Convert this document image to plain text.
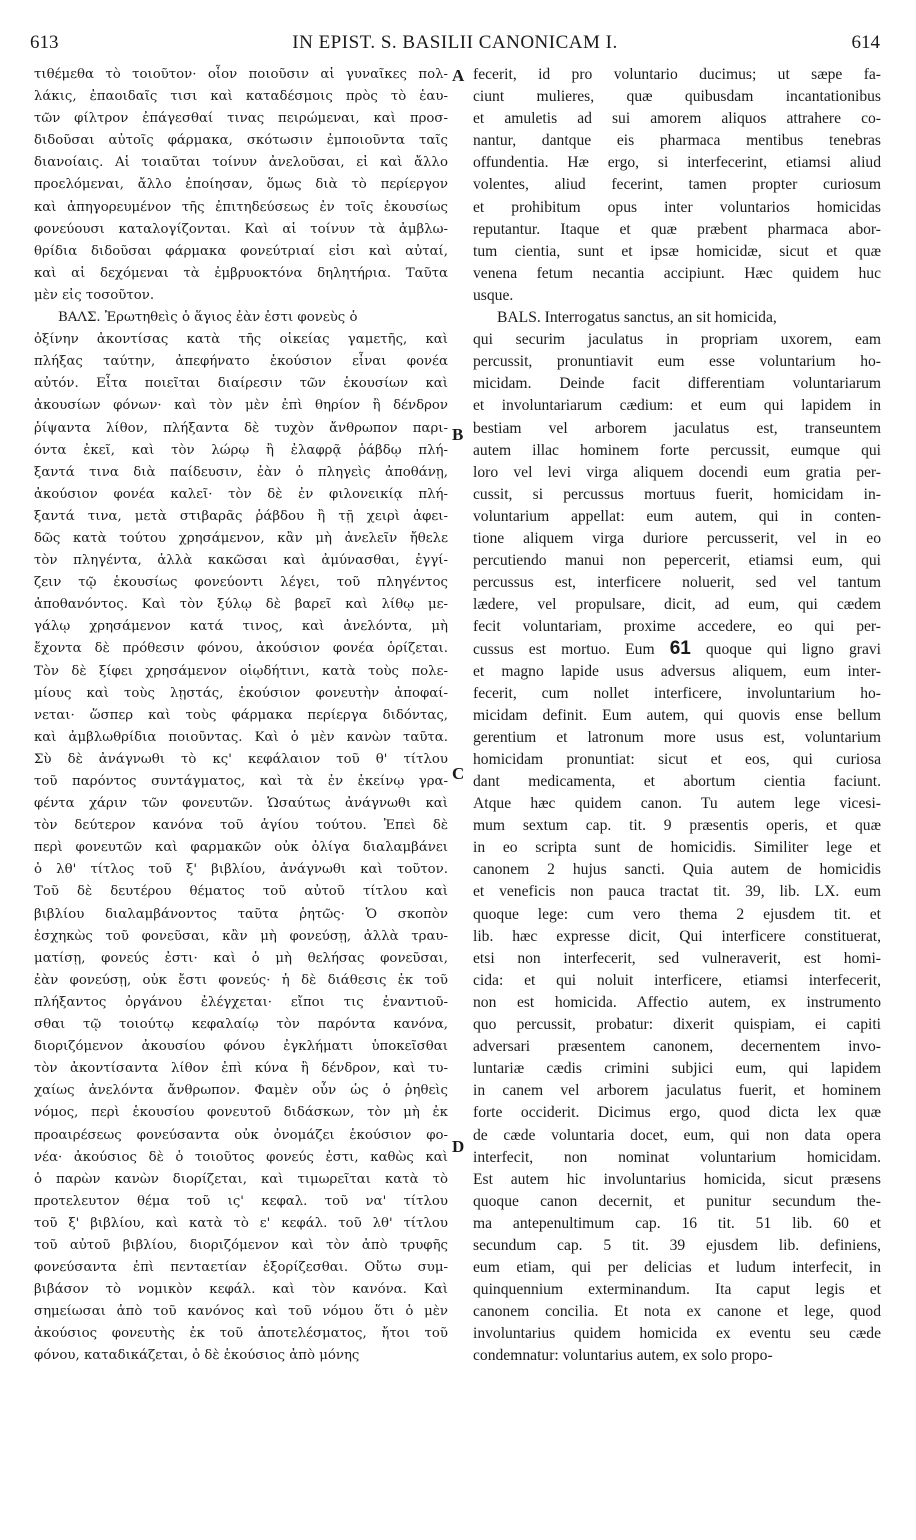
613	IN EPIST. S. BASILII CANONICAM I.	614
τιθέμεθα τὸ τοιοῦτον· οἷον ποιοῦσιν αἱ γυναῖκες πολ-
λάκις, ἐπαοιδαῖς τισι καὶ καταδέσμοις πρὸς τὸ ἑαυ-
τῶν φίλτρον ἐπάγεσθαί τινας πειρώμεναι, καὶ προσ-
διδοῦσαι αὐτοῖς φάρμακα, σκότωσιν ἐμποιοῦντα ταῖς
διανοίαις. Αἱ τοιαῦται τοίνυν ἀνελοῦσαι, εἰ καὶ ἄλλο
προελόμεναι, ἄλλο ἐποίησαν, ὅμως διὰ τὸ περίεργον
καὶ ἀπηγορευμένον τῆς ἐπιτηδεύσεως ἐν τοῖς ἑκουσίως
φονεύουσι καταλογίζονται. Καὶ αἱ τοίνυν τὰ ἀμβλω-
θρίδια διδοῦσαι φάρμακα φονεύτριαί εἰσι καὶ αὐταί,
καὶ αἱ δεχόμεναι τὰ ἐμβρυοκτόνα δηλητήρια. Ταῦτα
μὲν εἰς τοσοῦτον.
ΒΑΛΣ. Ἐρωτηθεὶς ὁ ἅγιος ἐὰν ἐστι φονεὺς ὁ
ὀξίνην ἀκοντίσας κατὰ τῆς οἰκείας γαμετῆς, καὶ
πλήξας ταύτην, ἀπεφήνατο ἑκούσιον εἶναι φονέα
αὐτόν. Εἶτα ποιεῖται διαίρεσιν τῶν ἑκουσίων καὶ
ἀκουσίων φόνων· καὶ τὸν μὲν ἐπὶ θηρίον ἢ δένδρον
ῥίψαντα λίθον, πλήξαντα δὲ τυχὸν ἄνθρωπον παρι-
όντα ἐκεῖ, καὶ τὸν λώρῳ ἢ ἐλαφρᾷ ῥάβδῳ πλή-
ξαντά τινα διὰ παίδευσιν, ἐὰν ὁ πληγεὶς ἀποθάνῃ,
ἀκούσιον φονέα καλεῖ· τὸν δὲ ἐν φιλονεικίᾳ πλή-
ξαντά τινα, μετὰ στιβαρᾶς ῥάβδου ἢ τῇ χειρὶ ἀφει-
δῶς κατὰ τούτου χρησάμενον, κἂν μὴ ἀνελεῖν ἤθελε
τὸν πληγέντα, ἀλλὰ κακῶσαι καὶ ἀμύνασθαι, ἐγγί-
ζειν τῷ ἑκουσίως φονεύοντι λέγει, τοῦ πληγέντος
ἀποθανόντος. Καὶ τὸν ξύλῳ δὲ βαρεῖ καὶ λίθῳ με-
γάλῳ χρησάμενον κατά τινος, καὶ ἀνελόντα, μὴ
ἔχοντα δὲ πρόθεσιν φόνου, ἀκούσιον φονέα ὁρίζεται.
Τὸν δὲ ξίφει χρησάμενον οἱῳδήτινι, κατὰ τοὺς πολε-
μίους καὶ τοὺς λῃστάς, ἑκούσιον φονευτὴν ἀποφαί-
νεται· ὥσπερ καὶ τοὺς φάρμακα περίεργα διδόντας,
καὶ ἀμβλωθρίδια ποιοῦντας. Καὶ ὁ μὲν κανὼν ταῦτα.
Σὺ δὲ ἀνάγνωθι τὸ κς' κεφάλαιον τοῦ θ' τίτλου
τοῦ παρόντος συντάγματος, καὶ τὰ ἐν ἐκείνῳ γρα-
φέντα χάριν τῶν φονευτῶν. Ὡσαύτως ἀνάγνωθι καὶ
τὸν δεύτερον κανόνα τοῦ ἁγίου τούτου. Ἐπεὶ δὲ
περὶ φονευτῶν καὶ φαρμακῶν οὐκ ὀλίγα διαλαμβάνει
ὁ λθ' τίτλος τοῦ ξ' βιβλίου, ἀνάγνωθι καὶ τοῦτον.
Τοῦ δὲ δευτέρου θέματος τοῦ αὐτοῦ τίτλου καὶ
βιβλίου διαλαμβάνοντος ταῦτα ῥητῶς· Ὁ σκοπὸν
ἐσχηκὼς τοῦ φονεῦσαι, κἂν μὴ φονεύσῃ, ἀλλὰ τραυ-
ματίσῃ, φονεύς ἐστι· καὶ ὁ μὴ θελήσας φονεῦσαι,
ἐὰν φονεύσῃ, οὐκ ἔστι φονεύς· ἡ δὲ διάθεσις ἐκ τοῦ
πλήξαντος ὀργάνου ἐλέγχεται· εἴποι τις ἐναντιοῦ-
σθαι τῷ τοιούτῳ κεφαλαίῳ τὸν παρόντα κανόνα,
διοριζόμενον ἀκουσίου φόνου ἐγκλήματι ὑποκεῖσθαι
τὸν ἀκοντίσαντα λίθον ἐπὶ κύνα ἢ δένδρον, καὶ τυ-
χαίως ἀνελόντα ἄνθρωπον. Φαμὲν οὖν ὡς ὁ ῥηθεὶς
νόμος, περὶ ἑκουσίου φονευτοῦ διδάσκων, τὸν μὴ ἐκ
προαιρέσεως φονεύσαντα οὐκ ὀνομάζει ἑκούσιον φο-
νέα· ἀκούσιος δὲ ὁ τοιοῦτος φονεύς ἐστι, καθὼς καὶ
ὁ παρὼν κανὼν διορίζεται, καὶ τιμωρεῖται κατὰ τὸ
προτελευτον θέμα τοῦ ις' κεφαλ. τοῦ να' τίτλου
τοῦ ξ' βιβλίου, καὶ κατὰ τὸ ε' κεφάλ. τοῦ λθ' τίτλου
τοῦ αὐτοῦ βιβλίου, διοριζόμενον καὶ τὸν ἀπὸ τρυφῆς
φονεύσαντα ἐπὶ πενταετίαν ἐξορίζεσθαι. Οὕτω συμ-
βιβάσον τὸ νομικὸν κεφάλ. καὶ τὸν κανόνα. Καὶ
σημείωσαι ἀπὸ τοῦ κανόνος καὶ τοῦ νόμου ὅτι ὁ μὲν
ἀκούσιος φονευτὴς ἐκ τοῦ ἀποτελέσματος, ἤτοι τοῦ
φόνου, καταδικάζεται, ὁ δὲ ἑκούσιος ἀπὸ μόνης
fecerit, id pro voluntario ducimus; ut sæpe fa-
ciunt mulieres, quæ quibusdam incantationibus
et amuletis ad sui amorem aliquos attrahere co-
nantur, dantque eis pharmaca mentibus tenebras
offundentia. Hæ ergo, si interfecerint, etiamsi aliud
volentes, aliud fecerint, tamen propter curiosum
et prohibitum opus inter voluntarios homicidas
reputantur. Itaque et quæ præbent pharmaca abor-
tum cientia, sunt et ipsæ homicidæ, sicut et quæ
venena fetum necantia accipiunt. Hæc quidem huc
usque.
BALS. Interrogatus sanctus, an sit homicida,
qui securim jaculatus in propriam uxorem, eam
percussit, pronuntiavit eum esse voluntarium ho-
micidam. Deinde facit differentiam voluntariarum
et involuntariarum cædium: et eum qui lapidem in
bestiam vel arborem jaculatus est, transeuntem
autem illac hominem forte percussit, eumque qui
loro vel levi virga aliquem docendi eum gratia per-
cussit, si percussus mortuus fuerit, homicidam in-
voluntarium appellat: eum autem, qui in conten-
tione aliquem virga duriore percusserit, vel in eo
percutiendo manui non pepercerit, etiamsi eum, qui
percussus est, interficere noluerit, sed vel tantum
lædere, vel propulsare, dicit, ad eum, qui cædem
fecit voluntariam, proxime accedere, eo qui per-
cussus est mortuo. Eum 61 quoque qui ligno gravi
et magno lapide usus adversus aliquem, eum inter-
fecerit, cum nollet interficere, involuntarium ho-
micidam definit. Eum autem, qui quovis ense bellum
gerentium et latronum more usus est, voluntarium
homicidam pronuntiat: sicut et eos, qui curiosa
dant medicamenta, et abortum cientia faciunt.
Atque hæc quidem canon. Tu autem lege vicesi-
mum sextum cap. tit. 9 præsentis operis, et quæ
in eo scripta sunt de homicidis. Similiter lege et
canonem 2 hujus sancti. Quia autem de homicidis
et veneficis non pauca tractat tit. 39, lib. LX. eum
quoque lege: cum vero thema 2 ejusdem tit. et
lib. hæc expresse dicit, Qui interficere constituerat,
etsi non interfecerit, sed vulneraverit, est homi-
cida: et qui noluit interficere, etiamsi interfecerit,
non est homicida. Affectio autem, ex instrumento
quo percussit, probatur: dixerit quispiam, ei capiti
adversari præsentem canonem, decernentem invo-
luntariæ cædis crimini subjici eum, qui lapidem
in canem vel arborem jaculatus fuerit, et hominem
forte occiderit. Dicimus ergo, quod dicta lex quæ
de cæde voluntaria docet, eum, qui non data opera
interfecit, non nominat voluntarium homicidam.
Est autem hic involuntarius homicida, sicut præsens
quoque canon decernit, et punitur secundum the-
ma antepenultimum cap. 16 tit. 51 lib. 60 et
secundum cap. 5 tit. 39 ejusdem lib. definiens,
eum etiam, qui per delicias et ludum interfecit, in
quinquennium exterminandum. Ita caput legis et
canonem concilia. Et nota ex canone et lege, quod
involuntarius quidem homicida ex eventu seu cæde
condemnatur: voluntarius autem, ex solo propo-
A
B
C
D
